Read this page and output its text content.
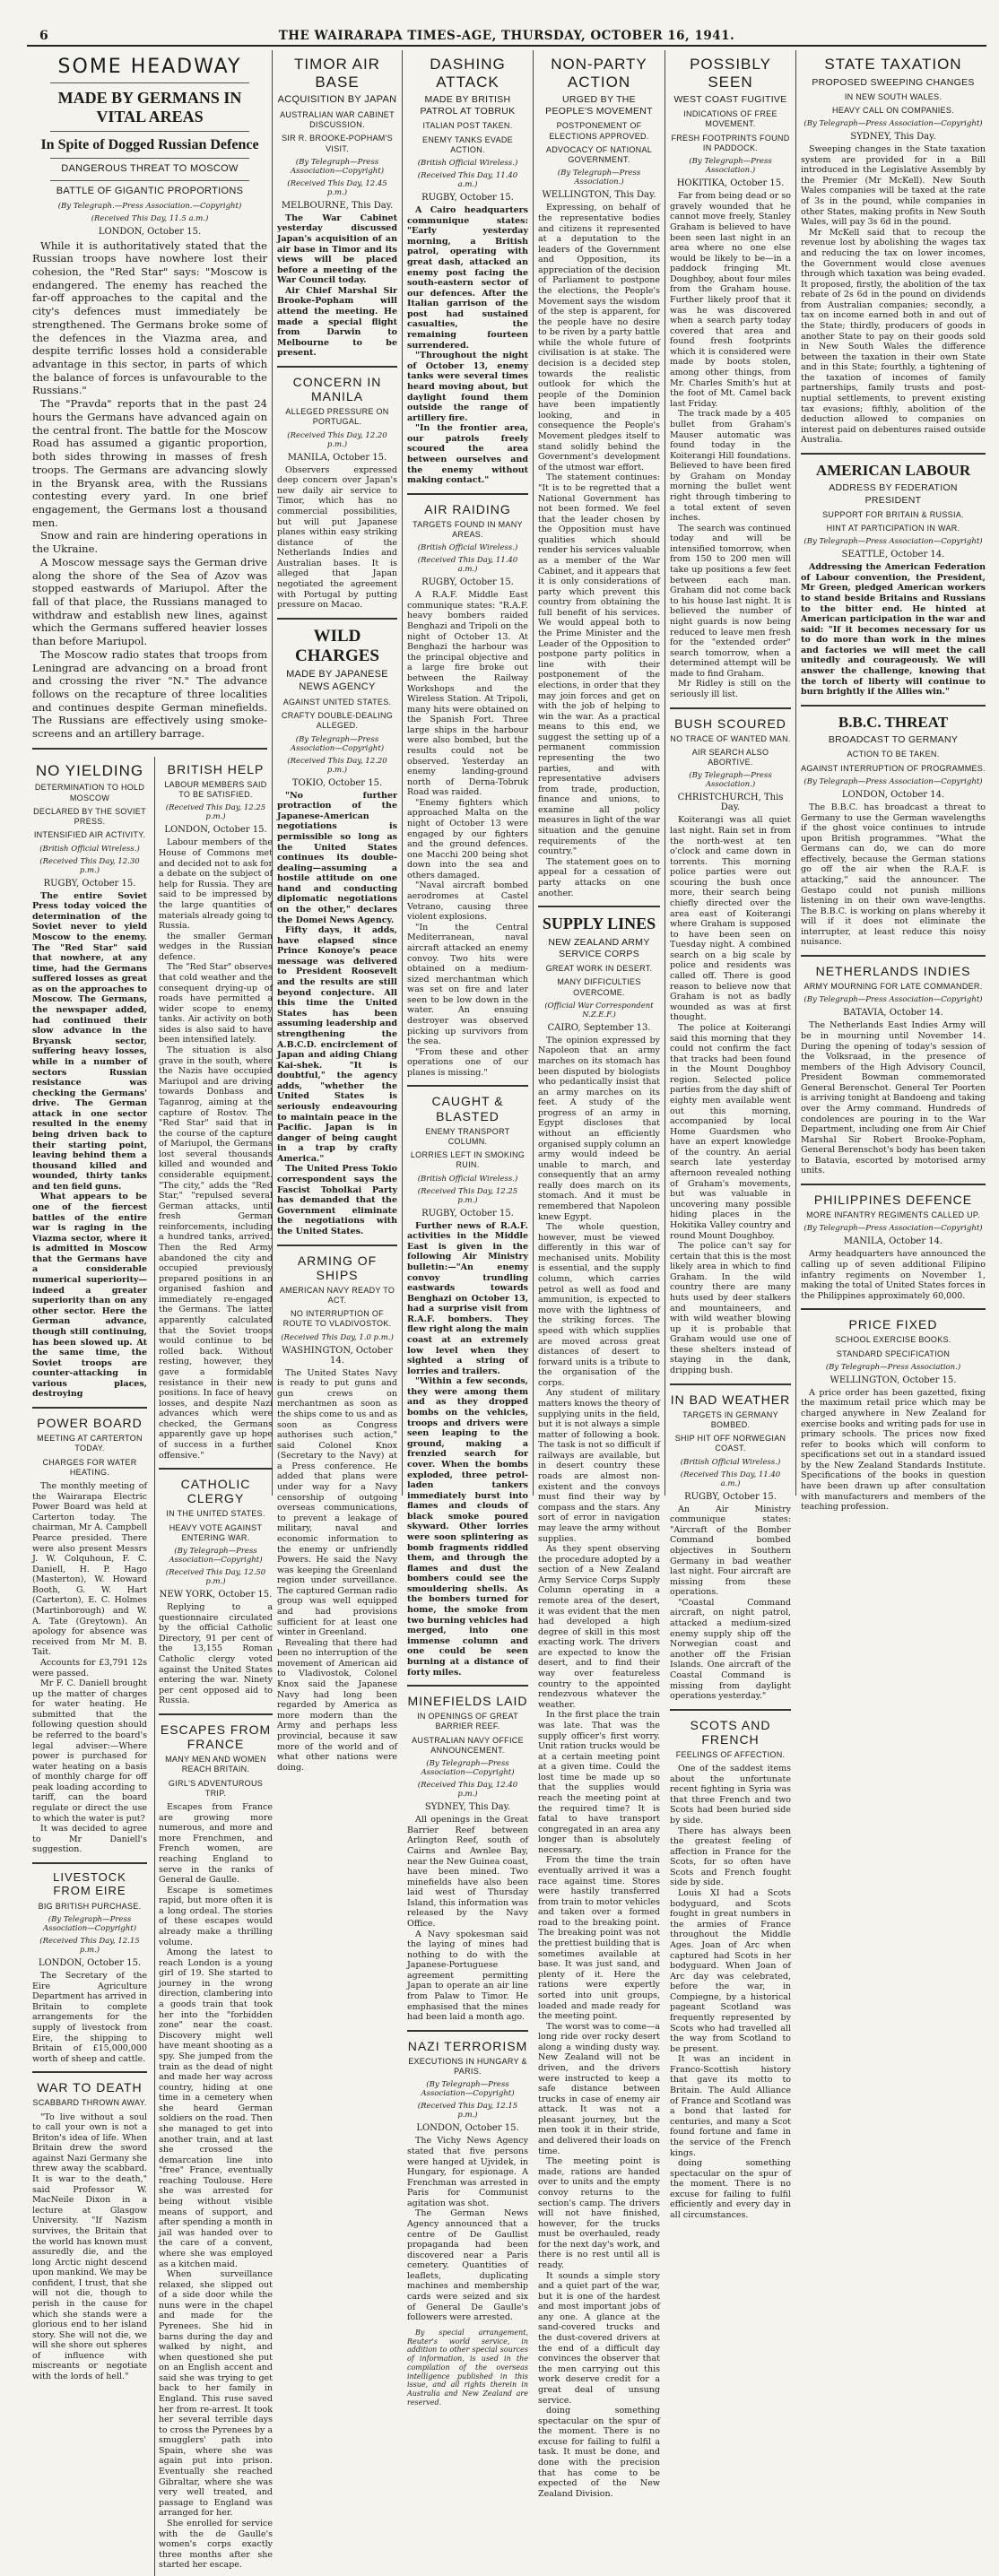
6	THE WAIRARAPA TIMES-AGE, THURSDAY, OCTOBER 16, 1941.
SOME HEADWAY
MADE BY GERMANS IN VITAL AREAS
In Spite of Dogged Russian Defence
DANGEROUS THREAT TO MOSCOW
BATTLE OF GIGANTIC PROPORTIONS
(By Telegraph.—Press Association.—Copyright)
(Received This Day, 11.5 a.m.)
LONDON, October 15.

While it is authoritatively stated that the Russian troops have nowhere lost their cohesion, the "Red Star" says: "Moscow is endangered. The enemy has reached the far-off approaches to the capital and the city's defences must immediately be strengthened. The Germans broke some of the defences in the Viazma area, and despite terrific losses hold a considerable advantage in this sector, in parts of which the balance of forces is unfavourable to the Russians."

The "Pravda" reports that in the past 24 hours the Germans have advanced again on the central front. The battle for the Moscow Road has assumed a gigantic proportion, both sides throwing in masses of fresh troops. The Germans are advancing slowly in the Bryansk area, with the Russians contesting every yard. In one brief engagement, the Germans lost a thousand men.

Snow and rain are hindering operations in the Ukraine.

A Moscow message says the German drive along the shore of the Sea of Azov was stopped eastwards of Mariupol. After the fall of that place, the Russians managed to withdraw and establish new lines, against which the Germans suffered heavier losses than before Mariupol.

The Moscow radio states that troops from Leningrad are advancing on a broad front and crossing the river "N." The advance follows on the recapture of three localities and continues despite German minefields. The Russians are effectively using smoke-screens and an artillery barrage.

NO YIELDING
DETERMINATION TO HOLD MOSCOW
DECLARED BY THE SOVIET PRESS.
INTENSIFIED AIR ACTIVITY.
(British Official Wireless.)
(Received This Day, 12.30 p.m.)
RUGBY, October 15.

The entire Soviet Press today voiced the determination of the Soviet never to yield Moscow to the enemy. The "Red Star" said that nowhere, at any time, had the Germans suffered losses as great as on the approaches to Moscow. The Germans, the newspaper added, had continued their slow advance in the Bryansk sector, suffering heavy losses, while in a number of sectors Russian resistance was checking the Germans' drive. The German attack in one sector resulted in the enemy being driven back to their starting point, leaving behind them a thousand killed and wounded, thirty tanks and ten field guns.

What appears to be one of the fiercest battles of the entire war is raging in the Viazma sector, where it is admitted in Moscow that the Germans have a considerable numerical superiority—indeed a greater superiority than on any other sector. Here the German advance, though still continuing, has been slowed up. At the same time, the Soviet troops are counter-attacking in various places, destroying

POWER BOARD
MEETING AT CARTERTON TODAY.
CHARGES FOR WATER HEATING.

The monthly meeting of the Wairarapa Electric Power Board was held at Carterton today. The chairman, Mr A. Campbell Pearce presided. There were also present Messrs J. W. Colquhoun, F. C. Daniell, H. P. Hago (Masterton), W. Howard Booth, G. W. Hart (Carterton), E. C. Holmes (Martinborough) and W. A. Tate (Greytown). An apology for absence was received from Mr M. B. Tait.

Accounts for £3,791 12s were passed.

Mr F. C. Daniell brought up the matter of charges for water heating. He submitted that the following question should be referred to the board's legal adviser:—Where power is purchased for water heating on a basis of monthly charge for off peak loading according to tariff, can the board regulate or direct the use to which the water is put?

It was decided to agree to Mr Daniell's suggestion.

LIVESTOCK FROM EIRE
BIG BRITISH PURCHASE.
(By Telegraph—Press Association—Copyright)
(Received This Day, 12.15 p.m.)
LONDON, October 15.

The Secretary of the Eire Agriculture Department has arrived in Britain to complete arrangements for the supply of livestock from Eire, the shipping to Britain of £15,000,000 worth of sheep and cattle.

WAR TO DEATH
SCABBARD THROWN AWAY.

"To live without a soul to call your own is not a Briton's idea of life. When Britain drew the sword against Nazi Germany she threw away the scabbard. It is war to the death," said Professor W. MacNeile Dixon in a lecture at Glasgow University. "If Nazism survives, the Britain that the world has known must assuredly die, and the long Arctic night descend upon mankind. We may be confident, I trust, that she will not die, though to perish in the cause for which she stands were a glorious end to her island story. She will not die, we will she shore out spheres of influence with miscreants or negotiate with the lords of hell."

BRITISH HELP
LABOUR MEMBERS SAID TO BE SATISFIED.
(Received This Day, 12.25 p.m.)
LONDON, October 15.

Labour members of the House of Commons met and decided not to ask for a debate on the subject of help for Russia. They are said to be impressed by the large quantities of materials already going to Russia.

the smaller German wedges in the Russian defence.

The "Red Star" observes that cold weather and the consequent drying-up of roads have permitted a wider scope to enemy tanks. Air activity on both sides is also said to have been intensified lately.

The situation is also grave in the south, where the Nazis have occupied Mariupol and are driving towards Donbass and Taganrog, aiming at the capture of Rostov. The "Red Star" said that in the course of the capture of Mariupol, the Germans lost several thousands killed and wounded and considerable equipment. "The city," adds the "Red Star," "repulsed several German attacks, until fresh German reinforcements, including a hundred tanks, arrived. Then the Red Army abandoned the city and occupied previously prepared positions in an organised fashion and immediately re-engaged the Germans. The latter apparently calculated that the Soviet troops would continue to be rolled back. Without resting, however, they gave a formidable resistance in their new positions. In face of heavy losses, and despite Nazi advances which were checked, the Germans apparently gave up hope of success in a further offensive."

CATHOLIC CLERGY
IN THE UNITED STATES.
HEAVY VOTE AGAINST ENTERING WAR.
(By Telegraph—Press Association—Copyright)
(Received This Day, 12.50 p.m.)
NEW YORK, October 15.

Replying to a questionnaire circulated by the official Catholic Directory, 91 per cent of the 13,155 Roman Catholic clergy voted against the United States entering the war. Ninety per cent opposed aid to Russia.

ESCAPES FROM FRANCE
MANY MEN AND WOMEN REACH BRITAIN.
GIRL'S ADVENTUROUS TRIP.

Escapes from France are growing more numerous, and more and more Frenchmen, and French women, are reaching England to serve in the ranks of General de Gaulle.

Escape is sometimes rapid, but more often it is a long ordeal. The stories of these escapes would already make a thrilling volume.

Among the latest to reach London is a young girl of 19. She started to journey in the wrong direction, clambering into a goods train that took her into the "forbidden zone" near the coast. Discovery might well have meant shooting as a spy. She jumped from the train as the dead of night and made her way across country, hiding at one time in a cemetery when she heard German soldiers on the road. Then she managed to get into another train, and at last she crossed the demarcation line into "free" France, eventually reaching Toulouse. Here she was arrested for being without visible means of support, and after spending a month in jail was handed over to the care of a convent, where she was employed as a kitchen maid.

When surveillance relaxed, she slipped out of a side door while the nuns were in the chapel and made for the Pyrenees. She hid in barns during the day and walked by night, and when questioned she put on an English accent and said she was trying to get back to her family in England. This ruse saved her from re-arrest. It took her several terrible days to cross the Pyrenees by a smugglers' path into Spain, where she was again put into prison. Eventually she reached Gibraltar, where she was very well treated, and passage to England was arranged for her.

She enrolled for service with the de Gaulle's women's corps exactly three months after she started her escape.

TIMOR AIR BASE
ACQUISITION BY JAPAN
AUSTRALIAN WAR CABINET DISCUSSION.
SIR R. BROOKE-POPHAM'S VISIT.
(By Telegraph—Press Association—Copyright)
(Received This Day, 12.45 p.m.)
MELBOURNE, This Day.

The War Cabinet yesterday discussed Japan's acquisition of an air base in Timor and its views will be placed before a meeting of the War Council today.

Air Chief Marshal Sir Brooke-Popham will attend the meeting. He made a special flight from Darwin to Melbourne to be present.

CONCERN IN MANILA
ALLEGED PRESSURE ON PORTUGAL.
(Received This Day, 12.20 p.m.)
MANILA, October 15.

Observers expressed deep concern over Japan's new daily air service to Timor, which has no commercial possibilities, but will put Japanese planes within easy striking distance of the Netherlands Indies and Australian bases. It is alleged that Japan negotiated the agreement with Portugal by putting pressure on Macao.

WILD CHARGES
MADE BY JAPANESE NEWS AGENCY
AGAINST UNITED STATES.
CRAFTY DOUBLE-DEALING ALLEGED.
(By Telegraph—Press Association—Copyright)
(Received This Day, 12.20 p.m.)
TOKIO, October 15.

"No further protraction of the Japanese-American negotiations is permissible so long as the United States continues its double-dealing—assuming a hostile attitude on one hand and conducting diplomatic negotiations on the other," declares the Domei News Agency.

Fifty days, it adds, have elapsed since Prince Konoye's peace message was delivered to President Roosevelt and the results are still beyond conjecture. All this time the United States has been assuming leadership and strengthening the A.B.C.D. encirclement of Japan and aiding Chiang Kai-shek. "It is doubtful," the agency adds, "whether the United States is seriously endeavouring to maintain peace in the Pacific. Japan is in danger of being caught in a trap by crafty America."

The United Press Tokio correspondent says the Fascist Toholkai Party has demanded that the Government eliminate the negotiations with the United States.

ARMING OF SHIPS
AMERICAN NAVY READY TO ACT.
NO INTERRUPTION OF ROUTE TO VLADIVOSTOK.
(Received This Day, 1.0 p.m.)
WASHINGTON, October 14.

The United States Navy is ready to put guns and gun crews on merchantmen as soon as the ships come to us and as soon as Congress authorises such action," said Colonel Knox (Secretary to the Navy) at a Press conference. He added that plans were under way for a Navy censorship of outgoing overseas communications, to prevent a leakage of military, naval and economic information to the enemy or unfriendly Powers. He said the Navy was keeping the Greenland region under surveillance. The captured German radio group was well equipped and had provisions sufficient for at least one winter in Greenland.

Revealing that there had been no interruption of the movement of American aid to Vladivostok, Colonel Knox said the Japanese Navy had long been regarded by America as more modern than the Army and perhaps less provincial, because it saw more of the world and of what other nations were doing.

DASHING ATTACK
MADE BY BRITISH PATROL AT TOBRUK
ITALIAN POST TAKEN.
ENEMY TANKS EVADE ACTION.
(British Official Wireless.)
(Received This Day, 11.40 a.m.)
RUGBY, October 15.

A Cairo headquarters communique states: "Early yesterday morning, a British patrol, operating with great dash, attacked an enemy post facing the south-eastern sector of our defences. After the Italian garrison of the post had sustained casualties, the remaining fourteen surrendered.

"Throughout the night of October 13, enemy tanks were several times heard moving about, but daylight found them outside the range of artillery fire.

"In the frontier area, our patrols freely scoured the area between ourselves and the enemy without making contact."

AIR RAIDING
TARGETS FOUND IN MANY AREAS.
(British Official Wireless.)
(Received This Day, 11.40 a.m.)
RUGBY, October 15.

A R.A.F. Middle East communique states: "R.A.F. heavy bombers raided Benghazi and Tripoli on the night of October 13. At Benghazi the harbour was the principal objective and a large fire broke out between the Railway Workshops and the Wireless Station. At Tripoli, many hits were obtained on the Spanish Fort. Three large ships in the harbour were also bombed, but the results could not be observed. Yesterday an enemy landing-ground north of Derna-Tobruk Road was raided.

"Enemy fighters which approached Malta on the night of October 13 were engaged by our fighters and the ground defences. one Macchi 200 being shot down into the sea and others damaged.

"Naval aircraft bombed aerodromes at Castel Vetrano, causing three violent explosions.

"In the Central Mediterranean, naval aircraft attacked an enemy convoy. Two hits were obtained on a medium-sized merchantman which was set on fire and later seen to be low down in the water. An ensuing destroyer was observed picking up survivors from the sea.

"From these and other operations one of our planes is missing."

CAUGHT & BLASTED
ENEMY TRANSPORT COLUMN.
LORRIES LEFT IN SMOKING RUIN.
(British Official Wireless.)
(Received This Day, 12.25 p.m.)
RUGBY, October 15.

Further news of R.A.F. activities in the Middle East is given in the following Air Ministry bulletin:—"An enemy convoy trundling eastwards towards Benghazi on October 13, had a surprise visit from R.A.F. bombers. They flew right along the main coast at an extremely low level when they sighted a string of lorries and trailers.

"Within a few seconds, they were among them and as they dropped bombs on the vehicles, troops and drivers were seen leaping to the ground, making a frenzied search for cover. When the bombs exploded, three petrol-laden tankers immediately burst into flames and clouds of black smoke poured skyward. Other lorries were soon splintering as bomb fragments riddled them, and through the flames and dust the bombers could see the smouldering shells. As the bombers turned for home, the smoke from two burning vehicles had merged, into one immense column and one could be seen burning at a distance of forty miles.

MINEFIELDS LAID
IN OPENINGS OF GREAT BARRIER REEF.
AUSTRALIAN NAVY OFFICE ANNOUNCEMENT.
(By Telegraph—Press Association—Copyright)
(Received This Day, 12.40 p.m.)
SYDNEY, This Day.

All openings in the Great Barrier Reef between Arlington Reef, south of Cairns and Awnlee Bay, near the New Guinea coast, have been mined. Two minefields have also been laid west of Thursday Island, this information was released by the Navy Office.

A Navy spokesman said the laying of mines had nothing to do with the Japanese-Portuguese agreement permitting Japan to operate an air line from Palaw to Timor. He emphasised that the mines had been laid a month ago.

NAZI TERRORISM
EXECUTIONS IN HUNGARY & PARIS.
(By Telegraph—Press Association—Copyright)
(Received This Day, 12.15 p.m.)
LONDON, October 15.

The Vichy News Agency stated that five persons were hanged at Ujvidek, in Hungary, for espionage. A Frenchman was arrested in Paris for Communist agitation was shot.

The German News Agency announced that a centre of De Gaullist propaganda had been discovered near a Paris cemetery. Quantities of leaflets, duplicating machines and membership cards were seized and six of General De Gaulle's followers were arrested.

By special arrangement, Reuter's world service, in addition to other special sources of information, is used in the compilation of the overseas intelligence published in this issue, and all rights therein in Australia and New Zealand are reserved.

NON-PARTY ACTION
URGED BY THE PEOPLE'S MOVEMENT
POSTPONEMENT OF ELECTIONS APPROVED.
ADVOCACY OF NATIONAL GOVERNMENT.
(By Telegraph—Press Association.)
WELLINGTON, This Day.

Expressing, on behalf of the representative bodies and citizens it represented at a deputation to the leaders of the Government and Opposition, its appreciation of the decision of Parliament to postpone the elections, the People's Movement says the wisdom of the step is apparent, for the people have no desire to be riven by a party battle while the whole future of civilisation is at stake. The decision is a decided step towards the realistic outlook for which the people of the Dominion have been impatiently looking, and in consequence the People's Movement pledges itself to stand solidly behind the Government's development of the utmost war effort.

The statement continues: "It is to be regretted that a National Government has not been formed. We feel that the leader chosen by the Opposition must have qualities which should render his services valuable as a member of the War Cabinet, and it appears that it is only considerations of party which prevent this country from obtaining the full benefit of his services. We would appeal both to the Prime Minister and the Leader of the Opposition to postpone party politics in line with their postponement of the elections, in order that they may join forces and get on with the job of helping to win the war. As a practical means to this end, we suggest the setting up of a permanent commission representing the two parties, and with representative advisers from trade, production, finance and unions, to examine all policy measures in light of the war situation and the genuine requirements of the country."

The statement goes on to appeal for a cessation of party attacks on one another.

SUPPLY LINES
NEW ZEALAND ARMY SERVICE CORPS
GREAT WORK IN DESERT.
MANY DIFFICULTIES OVERCOME.
(Official War Correspondent N.Z.E.F.)
CAIRO, September 13.

The opinion expressed by Napoleon that an army marches on its stomach has been disputed by biologists who pedantically insist that an army marches on its feet. A study of the progress of an army in Egypt discloses that without an efficiently organised supply column an army would indeed be unable to march, and consequently that an army really does march on its stomach. And it must be remembered that Napoleon knew Egypt.

The whole question, however, must be viewed differently in this war of mechanised units. Mobility is essential, and the supply column, which carries petrol as well as food and ammunition, is expected to move with the lightness of the striking forces. The speed with which supplies are moved across great distances of desert to forward units is a tribute to the organisation of the corps.

Any student of military matters knows the theory of supplying units in the field, but it is not always a simple matter of following a book. The task is not so difficult if railways are available, but in desert country these roads are almost non-existent and the convoys must find their way by compass and the stars. Any sort of error in navigation may leave the army without supplies.

As they spent observing the procedure adopted by a section of a New Zealand Army Service Corps Supply Column operating in a remote area of the desert, it was evident that the men had developed a high degree of skill in this most exacting work. The drivers are expected to know the desert, and to find their way over featureless country to the appointed rendezvous whatever the weather.

In the first place the train was late. That was the supply officer's first worry. Unit ration trucks would be at a certain meeting point at a given time. Could the lost time be made up so that the supplies would reach the meeting point at the required time? It is fatal to have transport congregated in an area any longer than is absolutely necessary.

From the time the train eventually arrived it was a race against time. Stores were hastily transferred from train to motor vehicles and taken over a formed road to the breaking point. The breaking point was not the prettiest building that is sometimes available at base. It was just sand, and plenty of it. Here the rations were expertly sorted into unit groups, loaded and made ready for the meeting point.

The worst was to come—a long ride over rocky desert along a winding dusty way. New Zealand will not be driven, and the drivers were instructed to keep a safe distance between trucks in case of enemy air attack. It was not a pleasant journey, but the men took it in their stride, and delivered their loads on time.

The meeting point is made, rations are handed over to units and the empty convoy returns to the section's camp. The drivers will not have finished, however, for the trucks must be overhauled, ready for the next day's work, and there is no rest until all is ready.

It sounds a simple story and a quiet part of the war, but it is one of the hardest and most important jobs of any one. A glance at the sand-covered trucks and the dust-covered drivers at the end of a difficult day convinces the observer that the men carrying out this work deserve credit for a great deal of unsung service.

doing something spectacular on the spur of the moment. There is no excuse for failing to fulfil a task. It must be done, and done with the precision that has come to be expected of the New Zealand Division.

POSSIBLY SEEN
WEST COAST FUGITIVE
INDICATIONS OF FREE MOVEMENT.
FRESH FOOTPRINTS FOUND IN PADDOCK.
(By Telegraph—Press Association.)
HOKITIKA, October 15.

Far from being dead or so gravely wounded that he cannot move freely, Stanley Graham is believed to have been seen last night in an area where no one else would be likely to be—in a paddock fringing Mt. Doughboy, about four miles from the Graham house. Further likely proof that it was he was discovered when a search party today covered that area and found fresh footprints which it is considered were made by boots stolen, among other things, from Mr. Charles Smith's hut at the foot of Mt. Camel back last Friday.

The track made by a 405 bullet from Graham's Mauser automatic was found today in the Koiterangi Hill foundations. Believed to have been fired by Graham on Monday morning the bullet went right through timbering to a total extent of seven inches.

The search was continued today and will be intensified tomorrow, when from 150 to 200 men will take up positions a few feet between each man. Graham did not come back to his house last night. It is believed the number of night guards is now being reduced to leave men fresh for the "extended order" search tomorrow, when a determined attempt will be made to find Graham.

Mr Ridley is still on the seriously ill list.

BUSH SCOURED
NO TRACE OF WANTED MAN.
AIR SEARCH ALSO ABORTIVE.
(By Telegraph—Press Association.)
CHRISTCHURCH, This Day.

Koiterangi was all quiet last night. Rain set in from the north-west at ten o'clock and came down in torrents. This morning police parties were out scouring the bush once more, their search being chiefly directed over the area east of Koiterangi where Graham is supposed to have been seen on Tuesday night. A combined search on a big scale by police and residents was called off. There is good reason to believe now that Graham is not as badly wounded as was at first thought.

The police at Koiterangi said this morning that they could not confirm the fact that tracks had been found in the Mount Doughboy region. Selected police parties from the day shift of eighty men available went out this morning, accompanied by local Home Guardsmen who have an expert knowledge of the country. An aerial search late yesterday afternoon revealed nothing of Graham's movements, but was valuable in uncovering many possible hiding places in the Hokitika Valley country and round Mount Doughboy.

The police can't say for certain that this is the most likely area in which to find Graham. In the wild country there are many huts used by deer stalkers and mountaineers, and with wild weather blowing up it is probable that Graham would use one of these shelters instead of staying in the dank, dripping bush.

IN BAD WEATHER
TARGETS IN GERMANY BOMBED.
SHIP HIT OFF NORWEGIAN COAST.
(British Official Wireless.)
(Received This Day, 11.40 a.m.)
RUGBY, October 15.

An Air Ministry communique states: "Aircraft of the Bomber Command bombed objectives in Southern Germany in bad weather last night. Four aircraft are missing from these operations.

"Coastal Command aircraft, on night patrol, attacked a medium-sized enemy supply ship off the Norwegian coast and another off the Frisian Islands. One aircraft of the Coastal Command is missing from daylight operations yesterday."

SCOTS AND FRENCH
FEELINGS OF AFFECTION.

One of the saddest items about the unfortunate recent fighting in Syria was that three French and two Scots had been buried side by side.

There has always been the greatest feeling of affection in France for the Scots, for so often have Scots and French fought side by side.

Louis XI had a Scots bodyguard, and Scots fought in great numbers in the armies of France throughout the Middle Ages. Joan of Arc when captured had Scots in her bodyguard. When Joan of Arc day was celebrated, before the war, in Compiegne, by a historical pageant Scotland was frequently represented by Scots who had travelled all the way from Scotland to be present.

It was an incident in Franco-Scottish history that gave its motto to Britain. The Auld Alliance of France and Scotland was a bond that lasted for centuries, and many a Scot found fortune and fame in the service of the French kings.

doing something spectacular on the spur of the moment. There is no excuse for failing to fulfil efficiently and every day in all circumstances.

STATE TAXATION
PROPOSED SWEEPING CHANGES
IN NEW SOUTH WALES.
HEAVY CALL ON COMPANIES.
(By Telegraph—Press Association—Copyright)
SYDNEY, This Day.

Sweeping changes in the State taxation system are provided for in a Bill introduced in the Legislative Assembly by the Premier (Mr McKell). New South Wales companies will be taxed at the rate of 3s in the pound, while companies in other States, making profits in New South Wales, will pay 3s 6d in the pound.

Mr McKell said that to recoup the revenue lost by abolishing the wages tax and reducing the tax on lower incomes, the Government would close avenues through which taxation was being evaded. It proposed, firstly, the abolition of the tax rebate of 2s 6d in the pound on dividends from Australian companies; secondly, a tax on income earned both in and out of the State; thirdly, producers of goods in another State to pay on their goods sold in New South Wales the difference between the taxation in their own State and in this State; fourthly, a tightening of the taxation of incomes of family partnerships, family trusts and post-nuptial settlements, to prevent existing tax evasions; fifthly, abolition of the deduction allowed to companies on interest paid on debentures raised outside Australia.

AMERICAN LABOUR
ADDRESS BY FEDERATION PRESIDENT
SUPPORT FOR BRITAIN & RUSSIA.
HINT AT PARTICIPATION IN WAR.
(By Telegraph—Press Association—Copyright)
SEATTLE, October 14.

Addressing the American Federation of Labour convention, the President, Mr Green, pledged American workers to stand beside Britains and Russians to the bitter end. He hinted at American participation in the war and said: "If it becomes necessary for us to do more than work in the mines and factories we will meet the call unitedly and courageously. We will answer the challenge, knowing that the torch of liberty will continue to burn brightly if the Allies win."

B.B.C. THREAT
BROADCAST TO GERMANY
ACTION TO BE TAKEN.
AGAINST INTERRUPTION OF PROGRAMMES.
(By Telegraph—Press Association—Copyright)
LONDON, October 14.

The B.B.C. has broadcast a threat to Germany to use the German wavelengths if the ghost voice continues to intrude upon British programmes. "What the Germans can do, we can do more effectively, because the German stations go off the air when the R.A.F. is attacking," said the announcer. The Gestapo could not punish millions listening in on their own wave-lengths. The B.B.C. is working on plans whereby it will if it does not eliminate the interrupter, at least reduce this noisy nuisance.

NETHERLANDS INDIES
ARMY MOURNING FOR LATE COMMANDER.
(By Telegraph—Press Association—Copyright)
BATAVIA, October 14.

The Netherlands East Indies Army will be in mourning until November 14. During the opening of today's session of the Volksraad, in the presence of members of the High Advisory Council, President Bowman commemorated General Berenschot. General Ter Poorten is arriving tonight at Bandoeng and taking over the Army command. Hundreds of condolences are pouring in to the War Department, including one from Air Chief Marshal Sir Robert Brooke-Popham, General Berenschot's body has been taken to Batavia, escorted by motorised army units.

PHILIPPINES DEFENCE
MORE INFANTRY REGIMENTS CALLED UP.
(By Telegraph—Press Association—Copyright)
MANILA, October 14.

Army headquarters have announced the calling up of seven additional Filipino infantry regiments on November 1, making the total of United States forces in the Philippines approximately 60,000.

PRICE FIXED
SCHOOL EXERCISE BOOKS.
STANDARD SPECIFICATION
(By Telegraph—Press Association.)
WELLINGTON, October 15.

A price order has been gazetted, fixing the maximum retail price which may be charged anywhere in New Zealand for exercise books and writing pads for use in primary schools. The prices now fixed refer to books which will conform to specifications set out in a standard issued by the New Zealand Standards Institute. Specifications of the books in question have been drawn up after consultation with manufacturers and members of the teaching profession.
